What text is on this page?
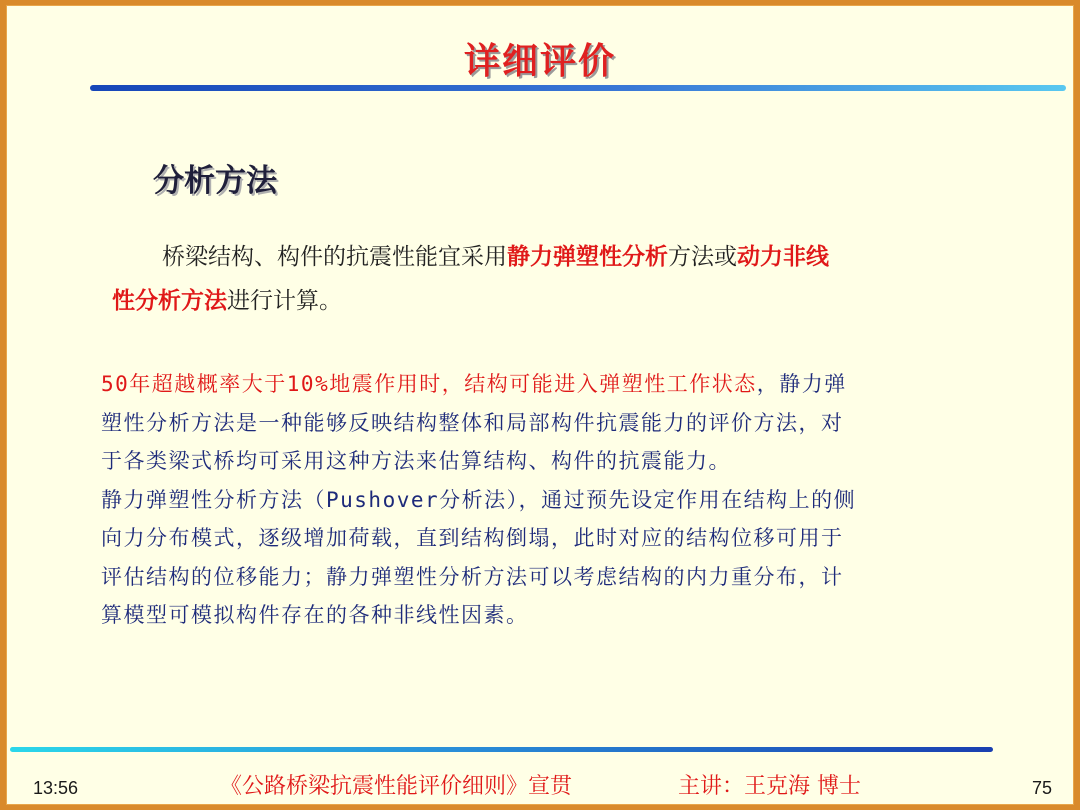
详细评价
分析方法
桥梁结构、构件的抗震性能宜采用静力弹塑性分析方法或动力非线
性分析方法进行计算。
50年超越概率大于10%地震作用时，结构可能进入弹塑性工作状态，静力弹
塑性分析方法是一种能够反映结构整体和局部构件抗震能力的评价方法，对
于各类梁式桥均可采用这种方法来估算结构、构件的抗震能力。
静力弹塑性分析方法（Pushover分析法），通过预先设定作用在结构上的侧
向力分布模式，逐级增加荷载，直到结构倒塌，此时对应的结构位移可用于
评估结构的位移能力；静力弹塑性分析方法可以考虑结构的内力重分布，计
算模型可模拟构件存在的各种非线性因素。
13:56	《公路桥梁抗震性能评价细则》宣贯	主讲：王克海 博士	75
